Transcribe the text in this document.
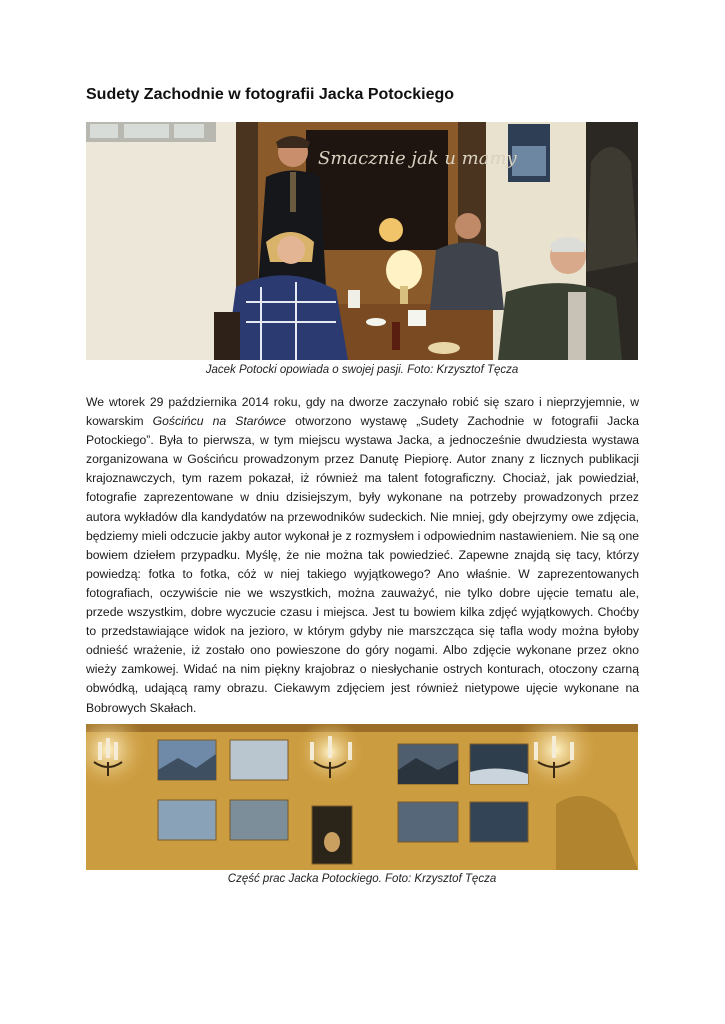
Sudety Zachodnie w fotografii Jacka Potockiego
Smacznie jak u mamy

Jacek Potocki opowiada o swojej pasji. Foto: Krzysztof Tęcza

We wtorek 29 października 2014 roku, gdy na dworze zaczynało robić się szaro i nieprzyjemnie, w kowarskim Gościńcu na Starówce otworzono wystawę „Sudety Zachodnie w fotografii Jacka Potockiego”. Była to pierwsza, w tym miejscu wystawa Jacka, a jednocześnie dwudziesta wystawa zorganizowana w Gościńcu prowadzonym przez Danutę Piepiorę. Autor znany z licznych publikacji krajoznawczych, tym razem pokazał, iż również ma talent fotograficzny. Chociaż, jak powiedział, fotografie zaprezentowane w dniu dzisiejszym, były wykonane na potrzeby prowadzonych przez autora wykładów dla kandydatów na przewodników sudeckich. Nie mniej, gdy obejrzymy owe zdjęcia, będziemy mieli odczucie jakby autor wykonał je z rozmysłem i odpowiednim nastawieniem. Nie są one bowiem dziełem przypadku. Myślę, że nie można tak powiedzieć. Zapewne znajdą się tacy, którzy powiedzą: fotka to fotka, cóż w niej takiego wyjątkowego? Ano właśnie. W zaprezentowanych fotografiach, oczywiście nie we wszystkich, można zauważyć, nie tylko dobre ujęcie tematu ale, przede wszystkim, dobre wyczucie czasu i miejsca. Jest tu bowiem kilka zdjęć wyjątkowych. Choćby to przedstawiające widok na jezioro, w którym gdyby nie marszcząca się tafla wody można byłoby odnieść wrażenie, iż zostało ono powieszone do góry nogami. Albo zdjęcie wykonane przez okno wieży zamkowej. Widać na nim piękny krajobraz o niesłychanie ostrych konturach, otoczony czarną obwódką, udającą ramy obrazu. Ciekawym zdjęciem jest również nietypowe ujęcie wykonane na Bobrowych Skałach.

Część prac Jacka Potockiego. Foto: Krzysztof Tęcza
